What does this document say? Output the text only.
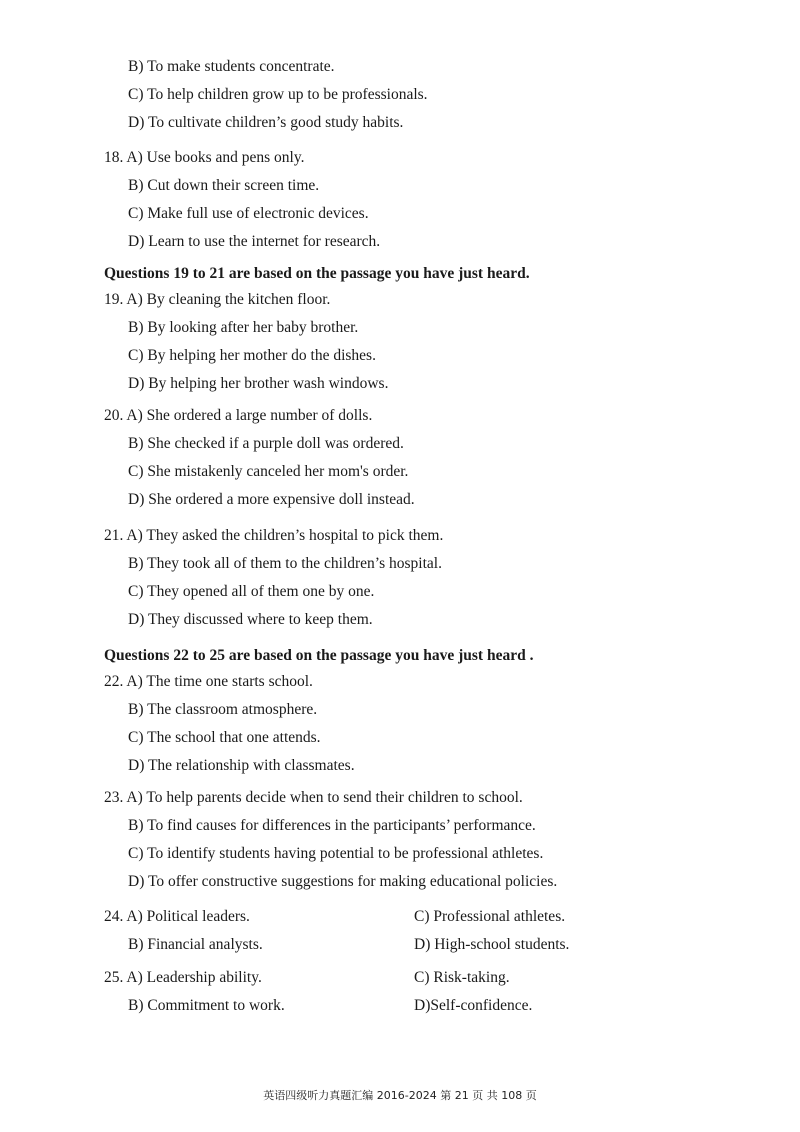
B) To make students concentrate.
C) To help children grow up to be professionals.
D) To cultivate children’s good study habits.
18. A) Use books and pens only.
B) Cut down their screen time.
C) Make full use of electronic devices.
D) Learn to use the internet for research.
Questions 19 to 21 are based on the passage you have just heard.
19. A) By cleaning the kitchen floor.
B) By looking after her baby brother.
C) By helping her mother do the dishes.
D) By helping her brother wash windows.
20. A) She ordered a large number of dolls.
B) She checked if a purple doll was ordered.
C) She mistakenly canceled her mom's order.
D) She ordered a more expensive doll instead.
21. A) They asked the children’s hospital to pick them.
B) They took all of them to the children’s hospital.
C) They opened all of them one by one.
D) They discussed where to keep them.
Questions 22 to 25 are based on the passage you have just heard .
22. A) The time one starts school.
B) The classroom atmosphere.
C) The school that one attends.
D) The relationship with classmates.
23. A) To help parents decide when to send their children to school.
B) To find causes for differences in the participants’ performance.
C) To identify students having potential to be professional athletes.
D) To offer constructive suggestions for making educational policies.
24. A) Political leaders.	C) Professional athletes.
B) Financial analysts.	D) High-school students.
25. A) Leadership ability.	C) Risk-taking.
B) Commitment to work.	D)Self-confidence.
英语四级听力真题汇编 2016-2024 第 21 页 共 108 页
